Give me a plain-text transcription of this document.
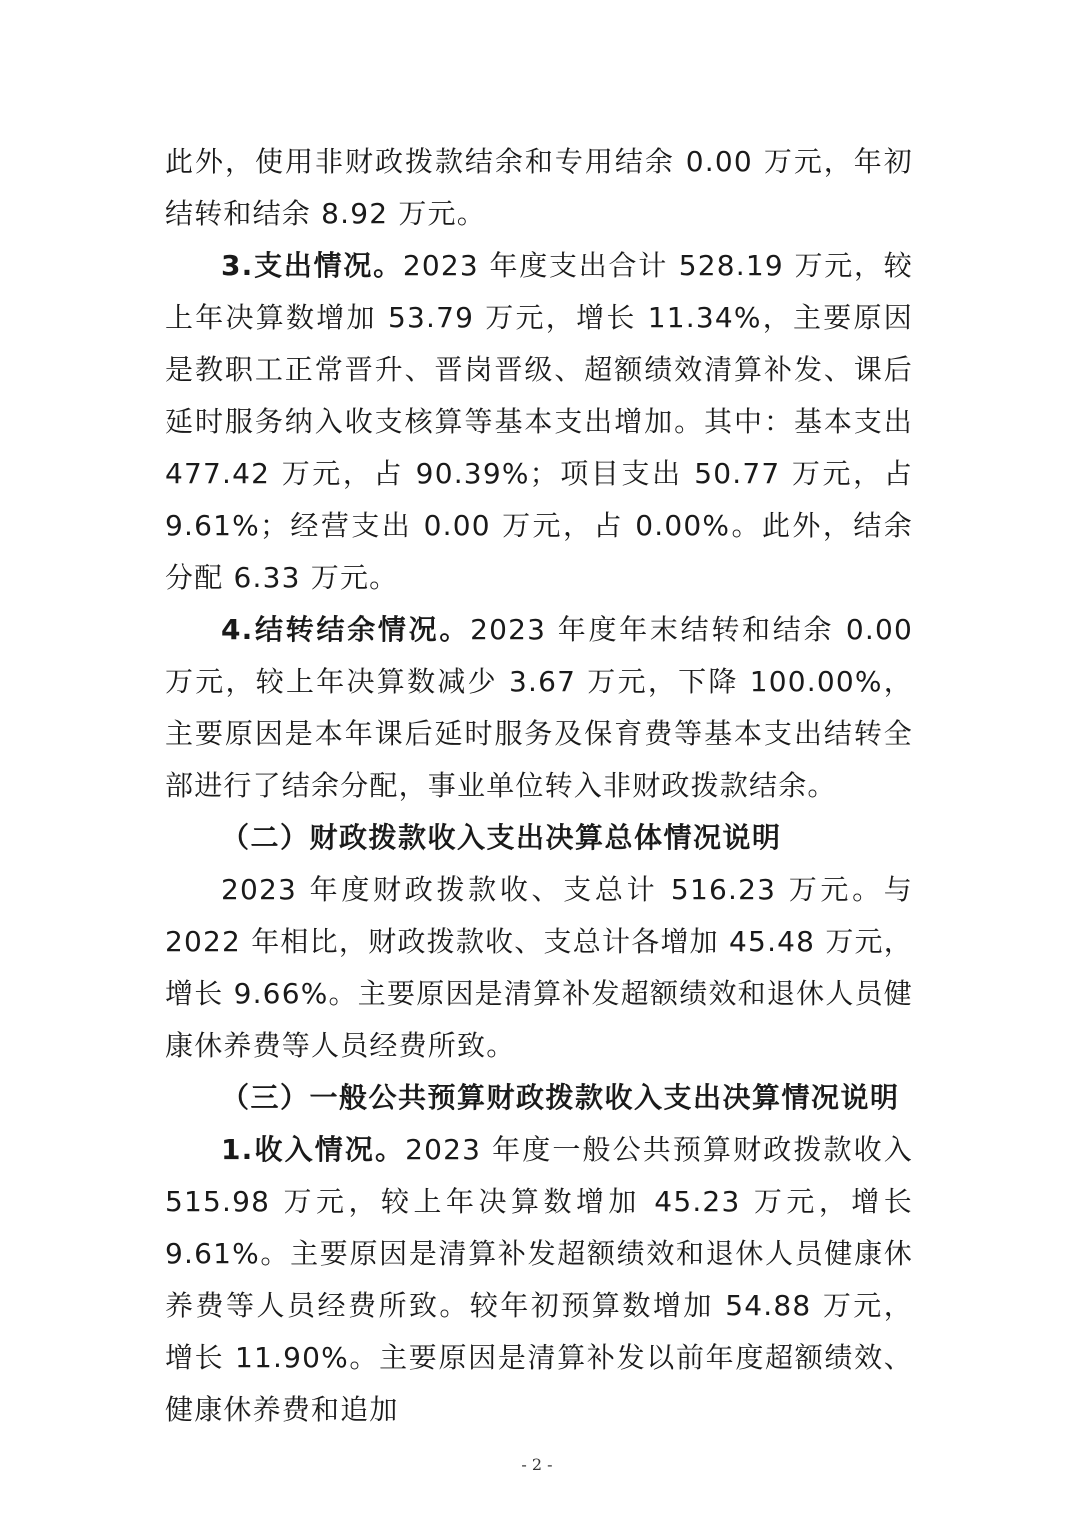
此外，使用非财政拨款结余和专用结余 0.00 万元，年初结转和结余 8.92 万元。

3.支出情况。2023 年度支出合计 528.19 万元，较上年决算数增加 53.79 万元，增长 11.34%，主要原因是教职工正常晋升、晋岗晋级、超额绩效清算补发、课后延时服务纳入收支核算等基本支出增加。其中：基本支出 477.42 万元，占 90.39%；项目支出 50.77 万元，占 9.61%；经营支出 0.00 万元，占 0.00%。此外，结余分配 6.33 万元。

4.结转结余情况。2023 年度年末结转和结余 0.00 万元，较上年决算数减少 3.67 万元，下降 100.00%，主要原因是本年课后延时服务及保育费等基本支出结转全部进行了结余分配，事业单位转入非财政拨款结余。

（二）财政拨款收入支出决算总体情况说明

2023 年度财政拨款收、支总计 516.23 万元。与 2022 年相比，财政拨款收、支总计各增加 45.48 万元，增长 9.66%。主要原因是清算补发超额绩效和退休人员健康休养费等人员经费所致。

（三）一般公共预算财政拨款收入支出决算情况说明

1.收入情况。2023 年度一般公共预算财政拨款收入 515.98 万元，较上年决算数增加 45.23 万元，增长 9.61%。主要原因是清算补发超额绩效和退休人员健康休养费等人员经费所致。较年初预算数增加 54.88 万元，增长 11.90%。主要原因是清算补发以前年度超额绩效、健康休养费和追加

- 2 -
